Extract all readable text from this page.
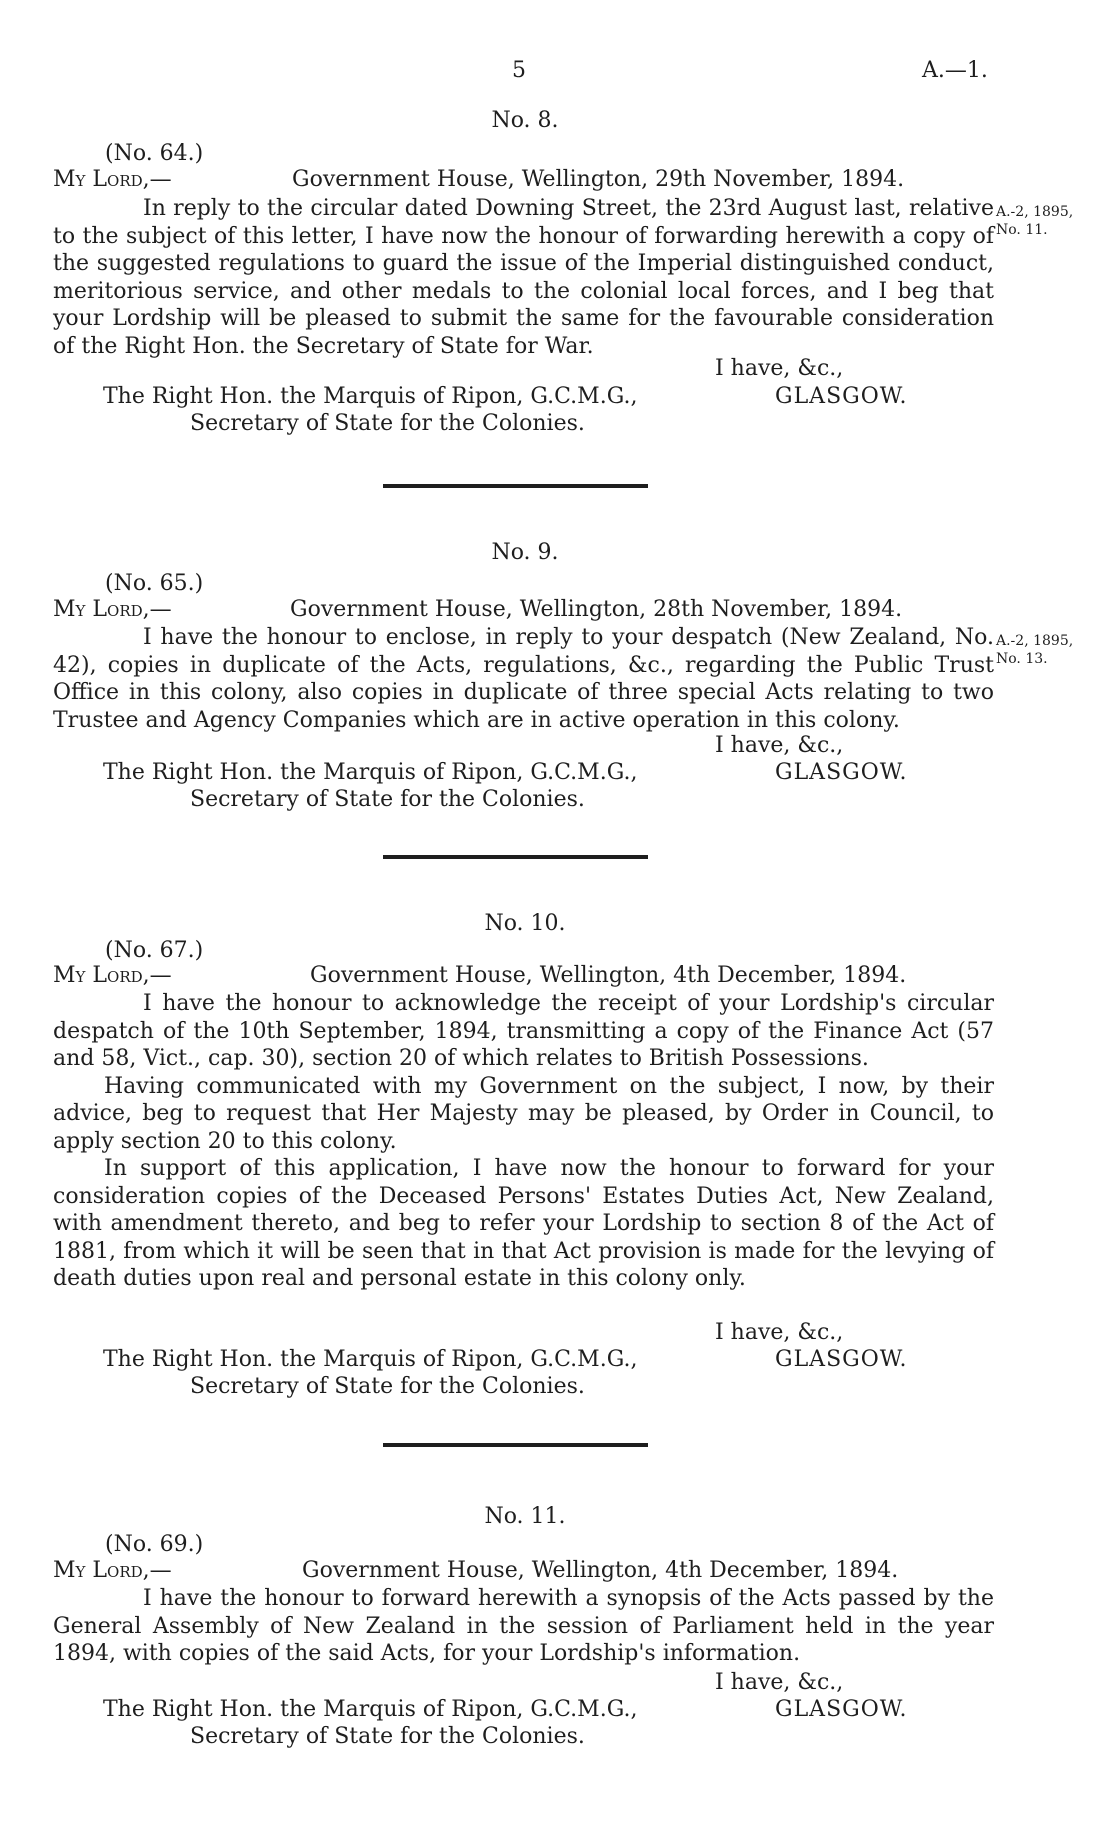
5	A.—1.
No. 8.
(No. 64.)
My Lord,—	Government House, Wellington, 29th November, 1894.

In reply to the circular dated Downing Street, the 23rd August last, relative to the subject of this letter, I have now the honour of forwarding herewith a copy of the suggested regulations to guard the issue of the Imperial distinguished conduct, meritorious service, and other medals to the colonial local forces, and I beg that your Lordship will be pleased to submit the same for the favourable consideration of the Right Hon. the Secretary of State for War.

A.-2, 1895,
No. 11.
I have, &c.,
The Right Hon. the Marquis of Ripon, G.C.M.G.,	GLASGOW.
Secretary of State for the Colonies.
No. 9.
(No. 65.)
My Lord,—	Government House, Wellington, 28th November, 1894.

I have the honour to enclose, in reply to your despatch (New Zealand, No. 42), copies in duplicate of the Acts, regulations, &c., regarding the Public Trust Office in this colony, also copies in duplicate of three special Acts relating to two Trustee and Agency Companies which are in active operation in this colony.

A.-2, 1895,
No. 13.
I have, &c.,
The Right Hon. the Marquis of Ripon, G.C.M.G.,	GLASGOW.
Secretary of State for the Colonies.
No. 10.
(No. 67.)
My Lord,—	Government House, Wellington, 4th December, 1894.

I have the honour to acknowledge the receipt of your Lordship's circular despatch of the 10th September, 1894, transmitting a copy of the Finance Act (57 and 58, Vict., cap. 30), section 20 of which relates to British Possessions.

Having communicated with my Government on the subject, I now, by their advice, beg to request that Her Majesty may be pleased, by Order in Council, to apply section 20 to this colony.

In support of this application, I have now the honour to forward for your consideration copies of the Deceased Persons' Estates Duties Act, New Zealand, with amendment thereto, and beg to refer your Lordship to section 8 of the Act of 1881, from which it will be seen that in that Act provision is made for the levying of death duties upon real and personal estate in this colony only.

I have, &c.,
The Right Hon. the Marquis of Ripon, G.C.M.G.,	GLASGOW.
Secretary of State for the Colonies.
No. 11.
(No. 69.)
My Lord,—	Government House, Wellington, 4th December, 1894.

I have the honour to forward herewith a synopsis of the Acts passed by the General Assembly of New Zealand in the session of Parliament held in the year 1894, with copies of the said Acts, for your Lordship's information.

I have, &c.,
The Right Hon. the Marquis of Ripon, G.C.M.G.,	GLASGOW.
Secretary of State for the Colonies.
